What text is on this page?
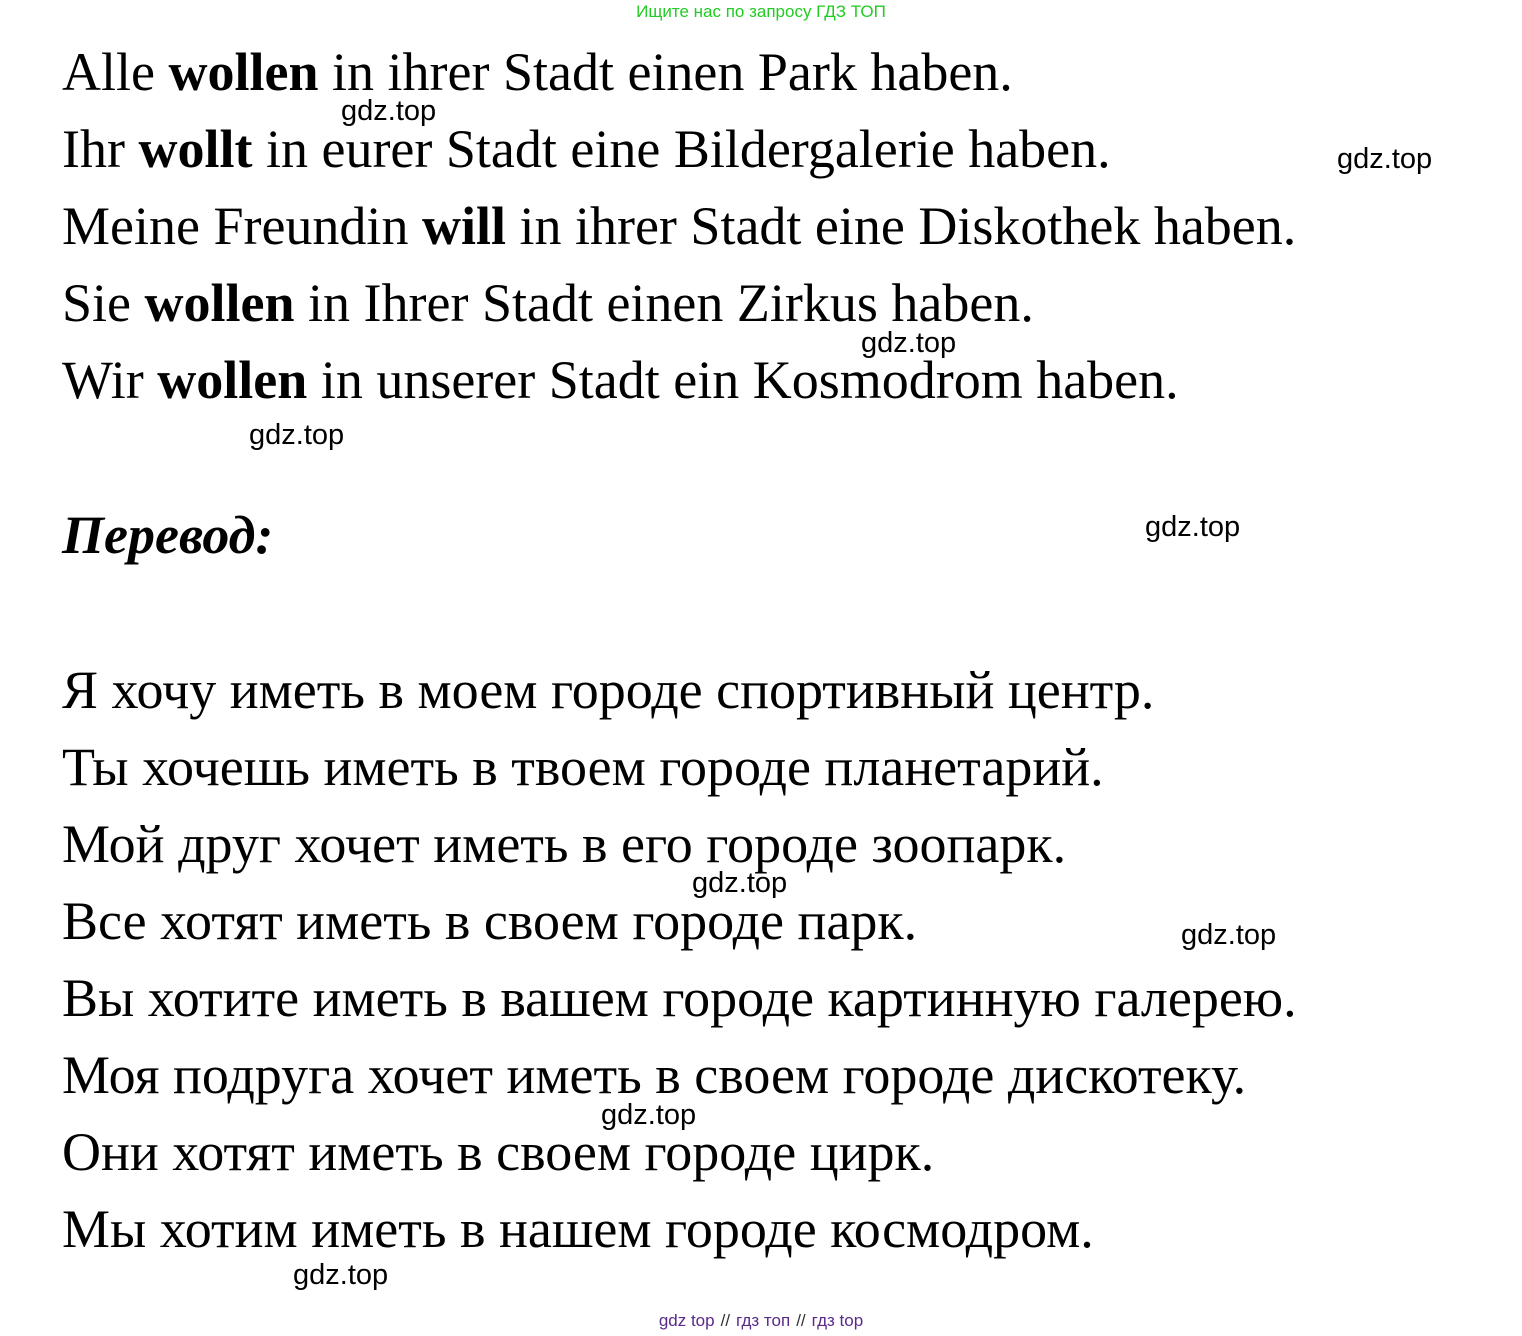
Ищите нас по запросу ГДЗ ТОП
Alle wollen in ihrer Stadt einen Park haben.
Ihr wollt in eurer Stadt eine Bildergalerie haben.
Meine Freundin will in ihrer Stadt eine Diskothek haben.
Sie wollen in Ihrer Stadt einen Zirkus haben.
Wir wollen in unserer Stadt ein Kosmodrom haben.
Перевод:
Я хочу иметь в моем городе спортивный центр.
Ты хочешь иметь в твоем городе планетарий.
Мой друг хочет иметь в его городе зоопарк.
Все хотят иметь в своем городе парк.
Вы хотите иметь в вашем городе картинную галерею.
Моя подруга хочет иметь в своем городе дискотеку.
Они хотят иметь в своем городе цирк.
Мы хотим иметь в нашем городе космодром.
gdz.top
gdz.top
gdz.top
gdz.top
gdz.top
gdz.top
gdz.top
gdz.top
gdz.top
gdz top // гдз топ // гдз top
